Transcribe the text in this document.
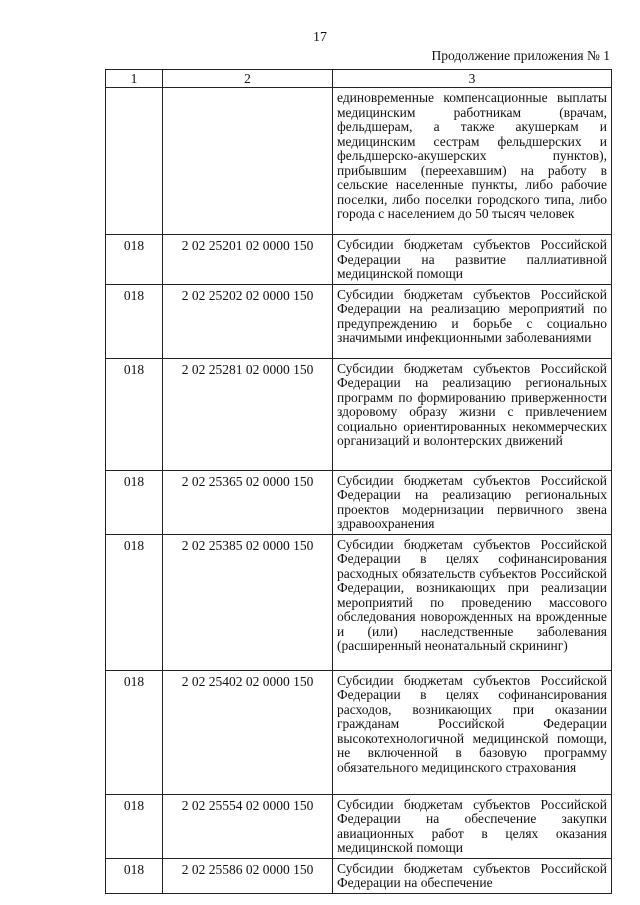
17
Продолжение приложения № 1
1	2	3
		единовременные компенсационные выплаты медицинским работникам (врачам, фельдшерам, а также акушеркам и медицинским сестрам фельдшерских и фельдшерско-акушерских пунктов), прибывшим (переехавшим) на работу в сельские населенные пункты, либо рабочие поселки, либо поселки городского типа, либо города с населением до 50 тысяч человек
018	2 02 25201 02 0000 150	Субсидии бюджетам субъектов Российской Федерации на развитие паллиативной медицинской помощи
018	2 02 25202 02 0000 150	Субсидии бюджетам субъектов Российской Федерации на реализацию мероприятий по предупреждению и борьбе с социально значимыми инфекционными заболеваниями
018	2 02 25281 02 0000 150	Субсидии бюджетам субъектов Российской Федерации на реализацию региональных программ по формированию приверженности здоровому образу жизни с привлечением социально ориентированных некоммерческих организаций и волонтерских движений
018	2 02 25365 02 0000 150	Субсидии бюджетам субъектов Российской Федерации на реализацию региональных проектов модернизации первичного звена здравоохранения
018	2 02 25385 02 0000 150	Субсидии бюджетам субъектов Российской Федерации в целях софинансирования расходных обязательств субъектов Российской Федерации, возникающих при реализации мероприятий по проведению массового обследования новорожденных на врожденные и (или) наследственные заболевания (расширенный неонатальный скрининг)
018	2 02 25402 02 0000 150	Субсидии бюджетам субъектов Российской Федерации в целях софинансирования расходов, возникающих при оказании гражданам Российской Федерации высокотехнологичной медицинской помощи, не включенной в базовую программу обязательного медицинского страхования
018	2 02 25554 02 0000 150	Субсидии бюджетам субъектов Российской Федерации на обеспечение закупки авиационных работ в целях оказания медицинской помощи
018	2 02 25586 02 0000 150	Субсидии бюджетам субъектов Российской Федерации на обеспечение
